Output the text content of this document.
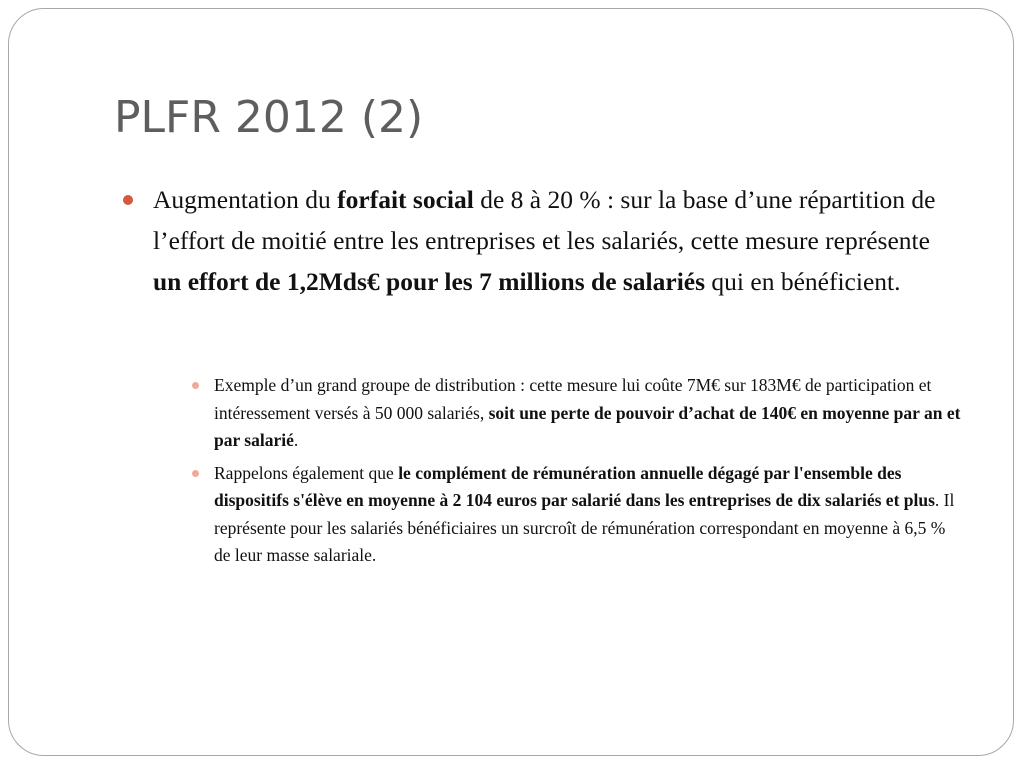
PLFR 2012 (2)
Augmentation du forfait social de 8 à 20 % : sur la base d’une répartition de l’effort de moitié entre les entreprises et les salariés, cette mesure représente un effort de 1,2Mds€ pour les 7 millions de salariés qui en bénéficient.
Exemple d’un grand groupe de distribution : cette mesure lui coûte 7M€ sur 183M€ de participation et intéressement versés à 50 000 salariés, soit une perte de pouvoir d’achat de 140€ en moyenne par an et par salarié.
Rappelons également que le complément de rémunération annuelle dégagé par l'ensemble des dispositifs s'élève en moyenne à 2 104 euros par salarié dans les entreprises de dix salariés et plus. Il représente pour les salariés bénéficiaires un surcroît de rémunération correspondant en moyenne à 6,5 % de leur masse salariale.
